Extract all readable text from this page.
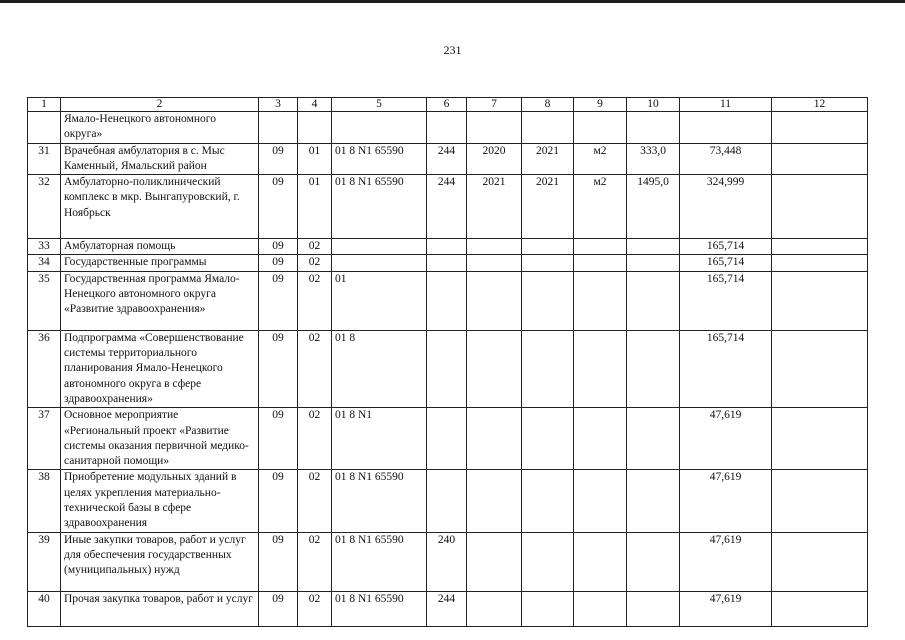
231
1	2	3	4	5	6	7	8	9	10	11	12
	Ямало-Ненецкого автономного округа»										
31	Врачебная амбулатория в с. Мыс Каменный, Ямальский район	09	01	01 8 N1 65590	244	2020	2021	м2	333,0	73,448	
32	Амбулаторно-поликлинический комплекс в мкр. Вынгапуровский, г. Ноябрьск	09	01	01 8 N1 65590	244	2021	2021	м2	1495,0	324,999	
33	Амбулаторная помощь	09	02							165,714	
34	Государственные программы	09	02							165,714	
35	Государственная программа Ямало-Ненецкого автономного округа «Развитие здравоохранения»	09	02	01						165,714	
36	Подпрограмма «Совершенствование системы территориального планирования Ямало-Ненецкого автономного округа в сфере здравоохранения»	09	02	01 8						165,714	
37	Основное мероприятие «Региональный проект «Развитие системы оказания первичной медико-санитарной помощи»	09	02	01 8 N1						47,619	
38	Приобретение модульных зданий в целях укрепления материально-технической базы в сфере здравоохранения	09	02	01 8 N1 65590						47,619	
39	Иные закупки товаров, работ и услуг для обеспечения государственных (муниципальных) нужд	09	02	01 8 N1 65590	240					47,619	
40	Прочая закупка товаров, работ и услуг	09	02	01 8 N1 65590	244					47,619	
